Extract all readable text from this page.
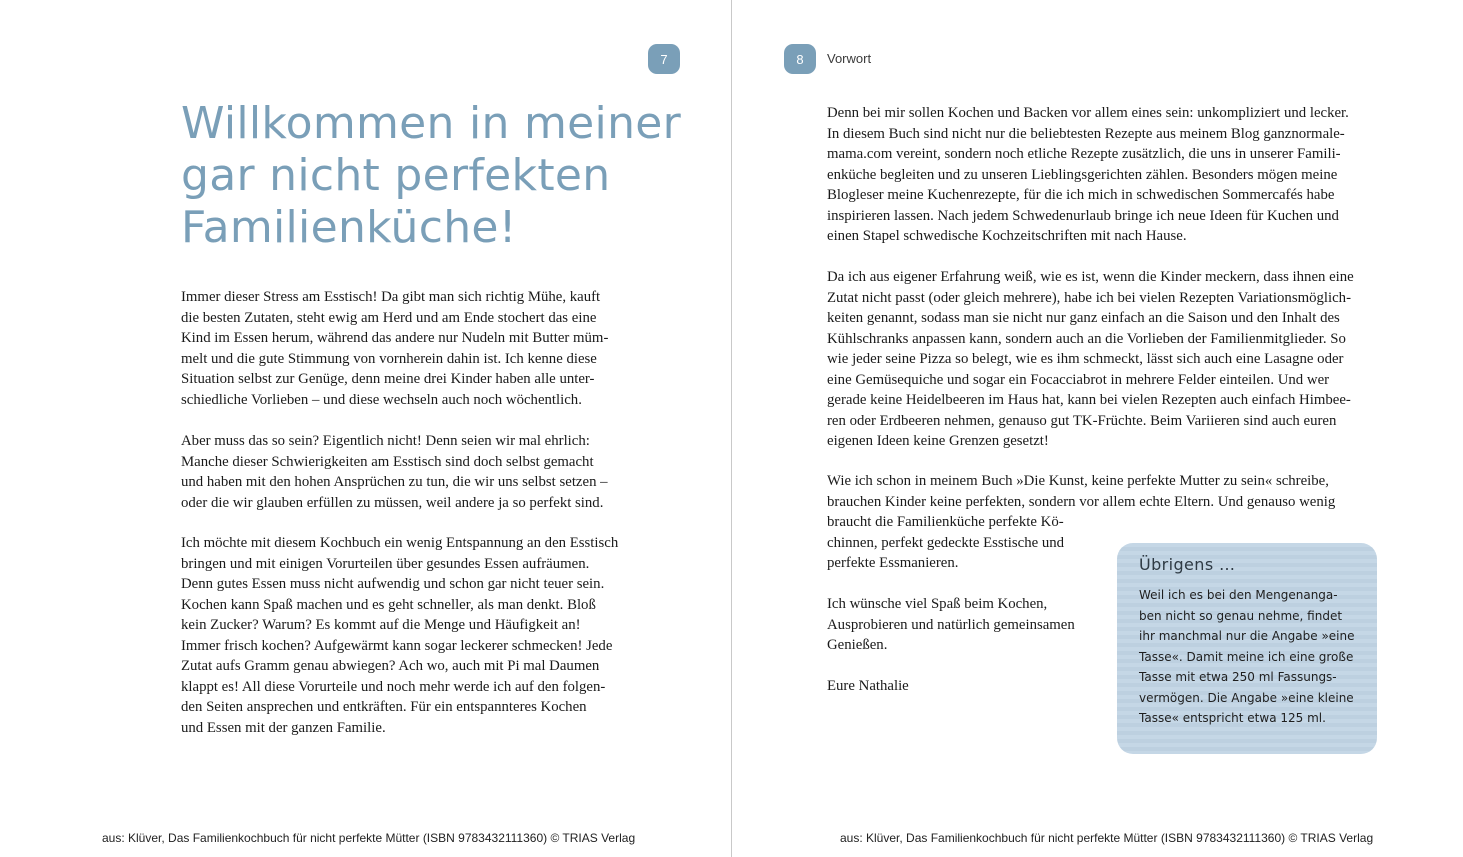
7
Willkommen in meiner
gar nicht perfekten
Familienküche!

Immer dieser Stress am Esstisch! Da gibt man sich richtig Mühe, kauft
die besten Zutaten, steht ewig am Herd und am Ende stochert das eine
Kind im Essen herum, während das andere nur Nudeln mit Butter müm-
melt und die gute Stimmung von vornherein dahin ist. Ich kenne diese
Situation selbst zur Genüge, denn meine drei Kinder haben alle unter-
schiedliche Vorlieben – und diese wechseln auch noch wöchentlich.

Aber muss das so sein? Eigentlich nicht! Denn seien wir mal ehrlich:
Manche dieser Schwierigkeiten am Esstisch sind doch selbst gemacht
und haben mit den hohen Ansprüchen zu tun, die wir uns selbst setzen –
oder die wir glauben erfüllen zu müssen, weil andere ja so perfekt sind.

Ich möchte mit diesem Kochbuch ein wenig Entspannung an den Esstisch
bringen und mit einigen Vorurteilen über gesundes Essen aufräumen.
Denn gutes Essen muss nicht aufwendig und schon gar nicht teuer sein.
Kochen kann Spaß machen und es geht schneller, als man denkt. Bloß
kein Zucker? Warum? Es kommt auf die Menge und Häufigkeit an!
Immer frisch kochen? Aufgewärmt kann sogar leckerer schmecken! Jede
Zutat aufs Gramm genau abwiegen? Ach wo, auch mit Pi mal Daumen
klappt es! All diese Vorurteile und noch mehr werde ich auf den folgen-
den Seiten ansprechen und entkräften. Für ein entspannteres Kochen
und Essen mit der ganzen Familie.

aus: Klüver, Das Familienkochbuch für nicht perfekte Mütter (ISBN 9783432111360) © TRIAS Verlag
8	Vorwort

Denn bei mir sollen Kochen und Backen vor allem eines sein: unkompliziert und lecker.
In diesem Buch sind nicht nur die beliebtesten Rezepte aus meinem Blog ganznormale-
mama.com vereint, sondern noch etliche Rezepte zusätzlich, die uns in unserer Famili-
enküche begleiten und zu unseren Lieblingsgerichten zählen. Besonders mögen meine
Blogleser meine Kuchenrezepte, für die ich mich in schwedischen Sommercafés habe
inspirieren lassen. Nach jedem Schwedenurlaub bringe ich neue Ideen für Kuchen und
einen Stapel schwedische Kochzeitschriften mit nach Hause.

Da ich aus eigener Erfahrung weiß, wie es ist, wenn die Kinder meckern, dass ihnen eine
Zutat nicht passt (oder gleich mehrere), habe ich bei vielen Rezepten Variationsmöglich-
keiten genannt, sodass man sie nicht nur ganz einfach an die Saison und den Inhalt des
Kühlschranks anpassen kann, sondern auch an die Vorlieben der Familienmitglieder. So
wie jeder seine Pizza so belegt, wie es ihm schmeckt, lässt sich auch eine Lasagne oder
eine Gemüsequiche und sogar ein Focacciabrot in mehrere Felder einteilen. Und wer
gerade keine Heidelbeeren im Haus hat, kann bei vielen Rezepten auch einfach Himbee-
ren oder Erdbeeren nehmen, genauso gut TK-Früchte. Beim Variieren sind auch euren
eigenen Ideen keine Grenzen gesetzt!

Wie ich schon in meinem Buch »Die Kunst, keine perfekte Mutter zu sein« schreibe,
brauchen Kinder keine perfekten, sondern vor allem echte Eltern. Und genauso wenig
braucht die Familienküche perfekte Kö-
chinnen, perfekt gedeckte Esstische und
perfekte Essmanieren.

Ich wünsche viel Spaß beim Kochen,
Ausprobieren und natürlich gemeinsamen
Genießen.

Eure Nathalie

Übrigens …

Weil ich es bei den Mengenanga-
ben nicht so genau nehme, findet
ihr manchmal nur die Angabe »eine
Tasse«. Damit meine ich eine große
Tasse mit etwa 250 ml Fassungs-
vermögen. Die Angabe »eine kleine
Tasse« entspricht etwa 125 ml.

aus: Klüver, Das Familienkochbuch für nicht perfekte Mütter (ISBN 9783432111360) © TRIAS Verlag
